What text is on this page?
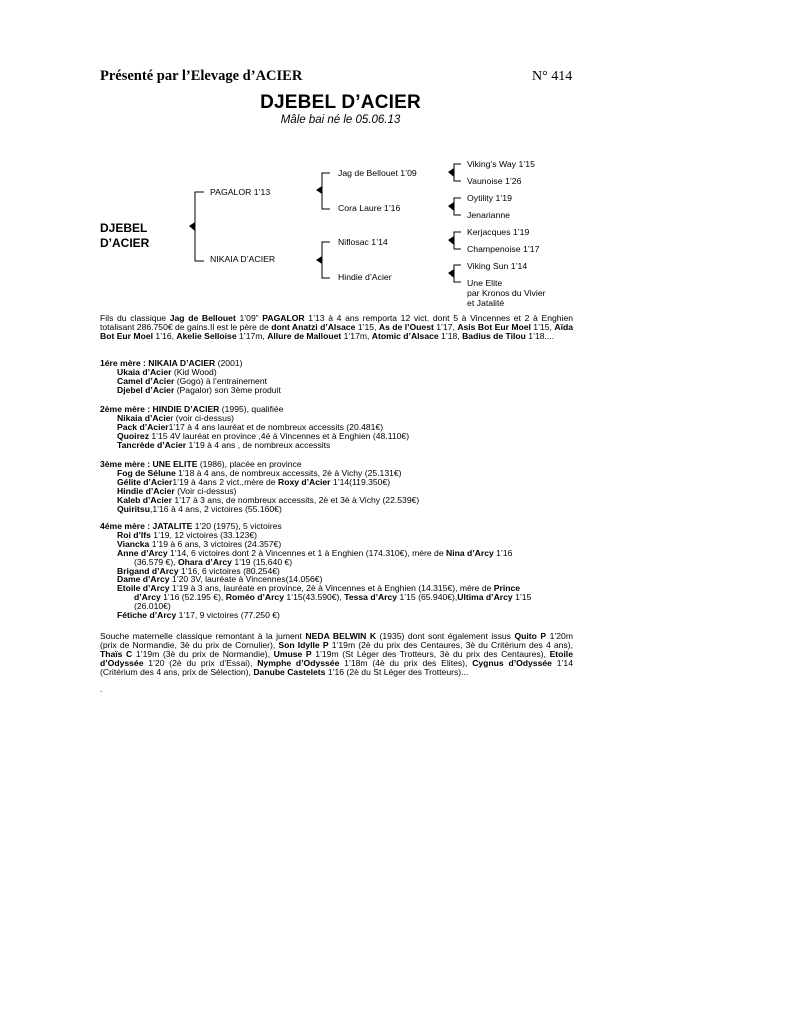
Présenté par l’Elevage d’ACIER	N° 414
DJEBEL D’ACIER
Mâle bai né le 05.06.13
DJEBEL
D’ACIER
PAGALOR 1’13
NIKAIA D’ACIER
Jag de Bellouet 1’09
Cora Laure 1’16
Niflosac 1’14
Hindie d’Acier
Viking’s Way 1’15
Vaunoise 1’26
Oytility 1’19
Jenarianne
Kerjacques 1’19
Champenoise 1’17
Viking Sun 1’14
Une Elite
par Kronos du Vivier
et Jatalité
Fils du classique Jag de Bellouet 1’09” PAGALOR 1’13 à 4 ans remporta 12 vict. dont 5 à Vincennes et 2 à Enghien totalisant 286.750€ de gains.Il est le père de dont Anatzi d’Alsace 1’15, As de l’Ouest 1’17, Asis Bot Eur Moel 1’15, Aïda Bot Eur Moel 1’16, Akelie Selloise 1’17m, Allure de Mallouet 1’17m, Atomic d’Alsace 1’18, Badius de Tilou 1’18....
1ére mère : NIKAIA D’ACIER (2001)
Ukaia d’Acier (Kid Wood)
Camel d’Acier (Gogo) à l’entrainement
Djebel d’Acier (Pagalor) son 3ème produit
2ème mère : HINDIE D’ACIER (1995), qualifiée
Nikaia d’Acier (voir ci-dessus)
Pack d’Acier1’17 à 4 ans lauréat et de nombreux accessits (20.481€)
Quoirez 1’15 4V lauréat en province ,4é à Vincennes et à Enghien (48.110€)
Tancrède d’Acier 1’19 à 4 ans , de nombreux accessits
3ème mère : UNE ELITE (1986), placée en province
Fog de Sélune 1’18 à 4 ans, de nombreux accessits, 2è à Vichy (25.131€)
Gélite d’Acier1’19 à 4ans 2 vict.,mère de Roxy d’Acier 1’14(119.350€)
Hindie d’Acier (Voir ci-dessus)
Kaleb d’Acier 1’17 à 3 ans, de nombreux accessits, 2è et 3è à Vichy (22.539€)
Quiritsu,1’16 à 4 ans, 2 victoires (55.160€)
4éme mère : JATALITE 1’20 (1975), 5 victoires
Roi d’Ifs 1’19, 12 victoires (33.123€)
Viancka 1’19 à 6 ans, 3 victoires (24.357€)
Anne d’Arcy 1’14, 6 victoires dont 2 à Vincennes et 1 à Enghien (174.310€), mère de Nina d’Arcy 1’16
(36.579 €), Ohara d’Arcy 1’19 (15.640 €)
Brigand d’Arcy 1’16, 6 victoires (80.254€)
Dame d’Arcy 1’20 3V, lauréate à Vincennes(14.056€)
Etoile d’Arcy 1’19 à 3 ans, lauréate en province, 2è à Vincennes et à Enghien (14.315€), mère de Prince
d’Arcy 1’16 (52.195 €), Roméo d’Arcy 1’15(43.590€), Tessa d’Arcy 1’15 (65.940€),Ultima d’Arcy 1’15
(26.010€)
Fétiche d’Arcy 1’17, 9 victoires (77.250 €)
Souche maternelle classique remontant à la jument NEDA BELWIN K (1935) dont sont également issus Quito P 1’20m (prix de Normandie, 3è du prix de Cornulier), Son Idylle P 1’19m (2è du prix des Centaures, 3è du Critérium des 4 ans), Thaïs C 1’19m (3è du prix de Normandie), Umuse P 1’19m (St Léger des Trotteurs, 3è du prix des Centaures), Etoile d’Odyssée 1’20 (2è du prix d’Essai), Nymphe d’Odyssée 1’18m (4è du prix des Elites), Cygnus d’Odyssée 1’14 (Critérium des 4 ans, prix de Sélection), Danube Castelets 1’16 (2è du St Léger des Trotteurs)...
.
